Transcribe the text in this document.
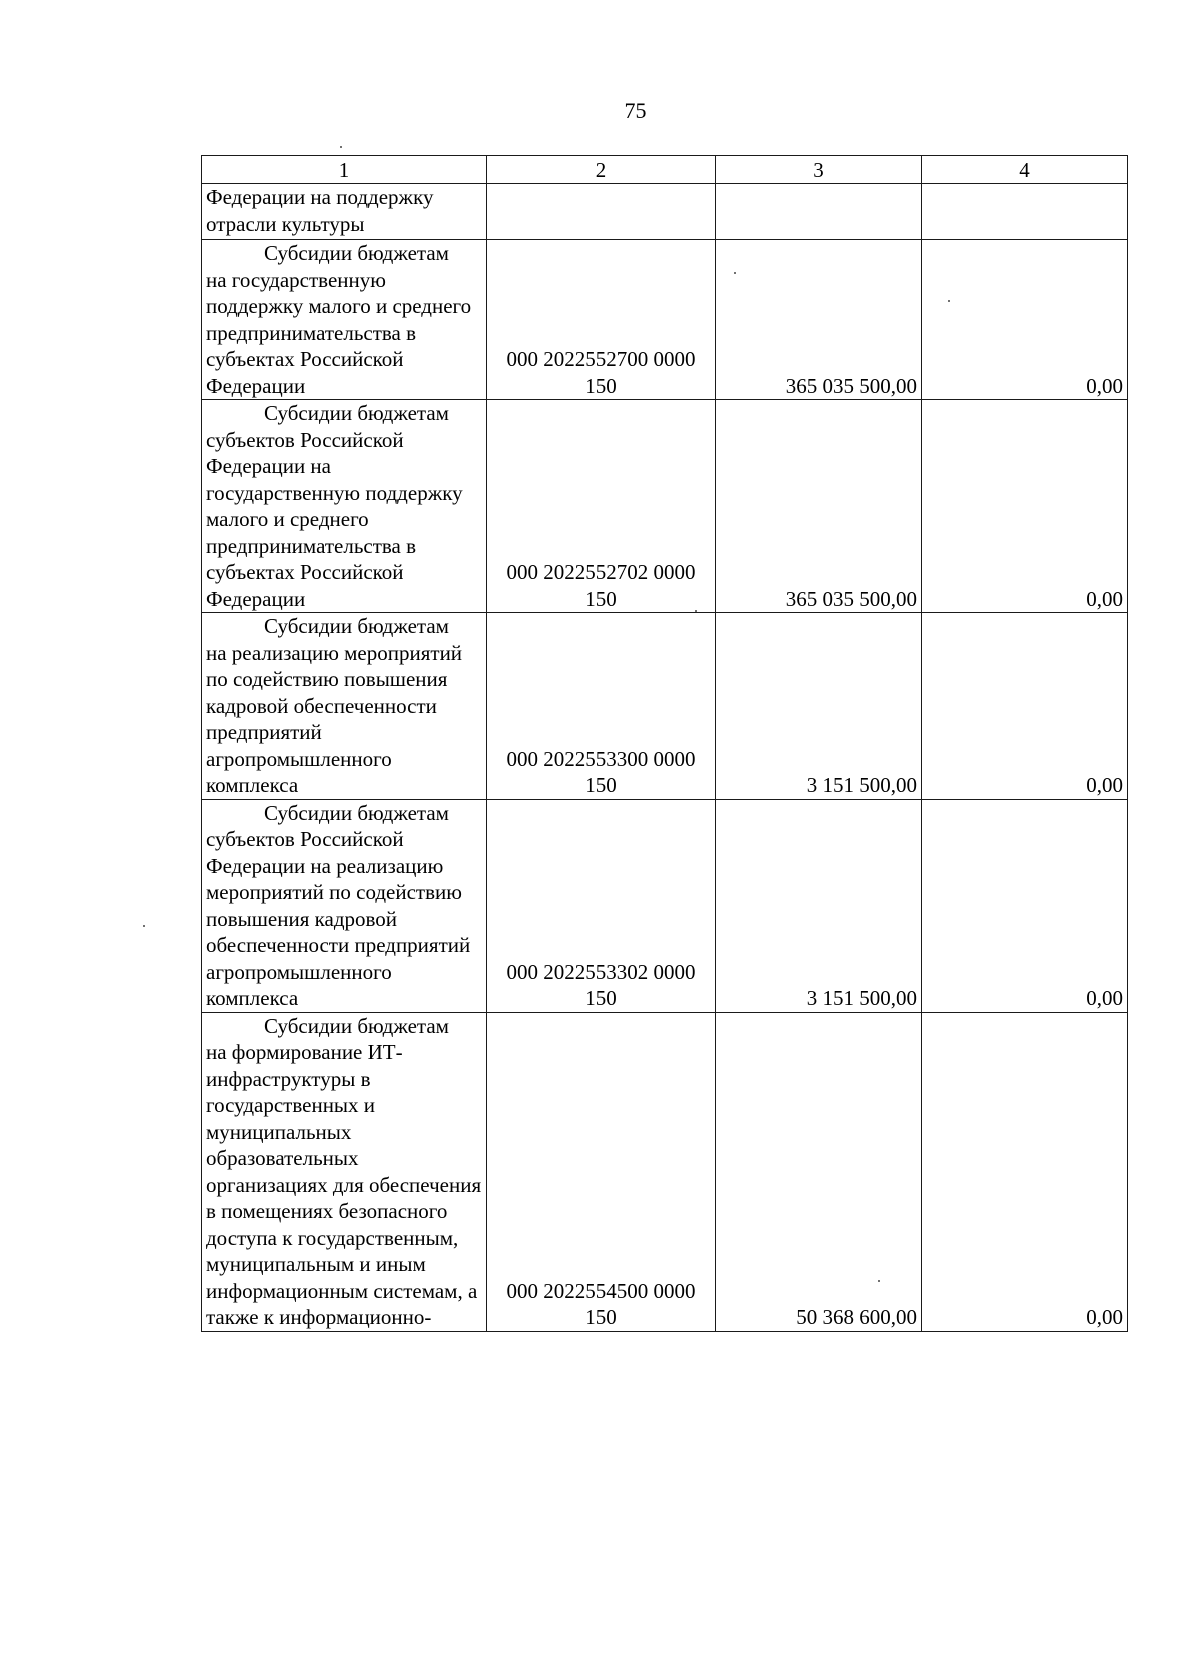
75
1	2	3	4
Федерации на поддержку отрасли культуры			

Субсидии бюджетам
на государственную поддержку малого и среднего предпринимательства в субъектах Российской Федерации	000 2022552700 0000 150	365 035 500,00	0,00

Субсидии бюджетам
субъектов Российской Федерации на государственную поддержку малого и среднего предпринимательства в субъектах Российской Федерации	000 2022552702 0000 150	365 035 500,00	0,00

Субсидии бюджетам
на реализацию мероприятий по содействию повышения кадровой обеспеченности предприятий агропромышленного комплекса	000 2022553300 0000 150	3 151 500,00	0,00

Субсидии бюджетам
субъектов Российской Федерации на реализацию мероприятий по содействию повышения кадровой обеспеченности предприятий агропромышленного комплекса	000 2022553302 0000 150	3 151 500,00	0,00

Субсидии бюджетам
на формирование ИТ-инфраструктуры в государственных и муниципальных образовательных организациях для обеспечения в помещениях безопасного доступа к государственным, муниципальным и иным информационным системам, а также к информационно-	000 2022554500 0000 150	50 368 600,00	0,00
